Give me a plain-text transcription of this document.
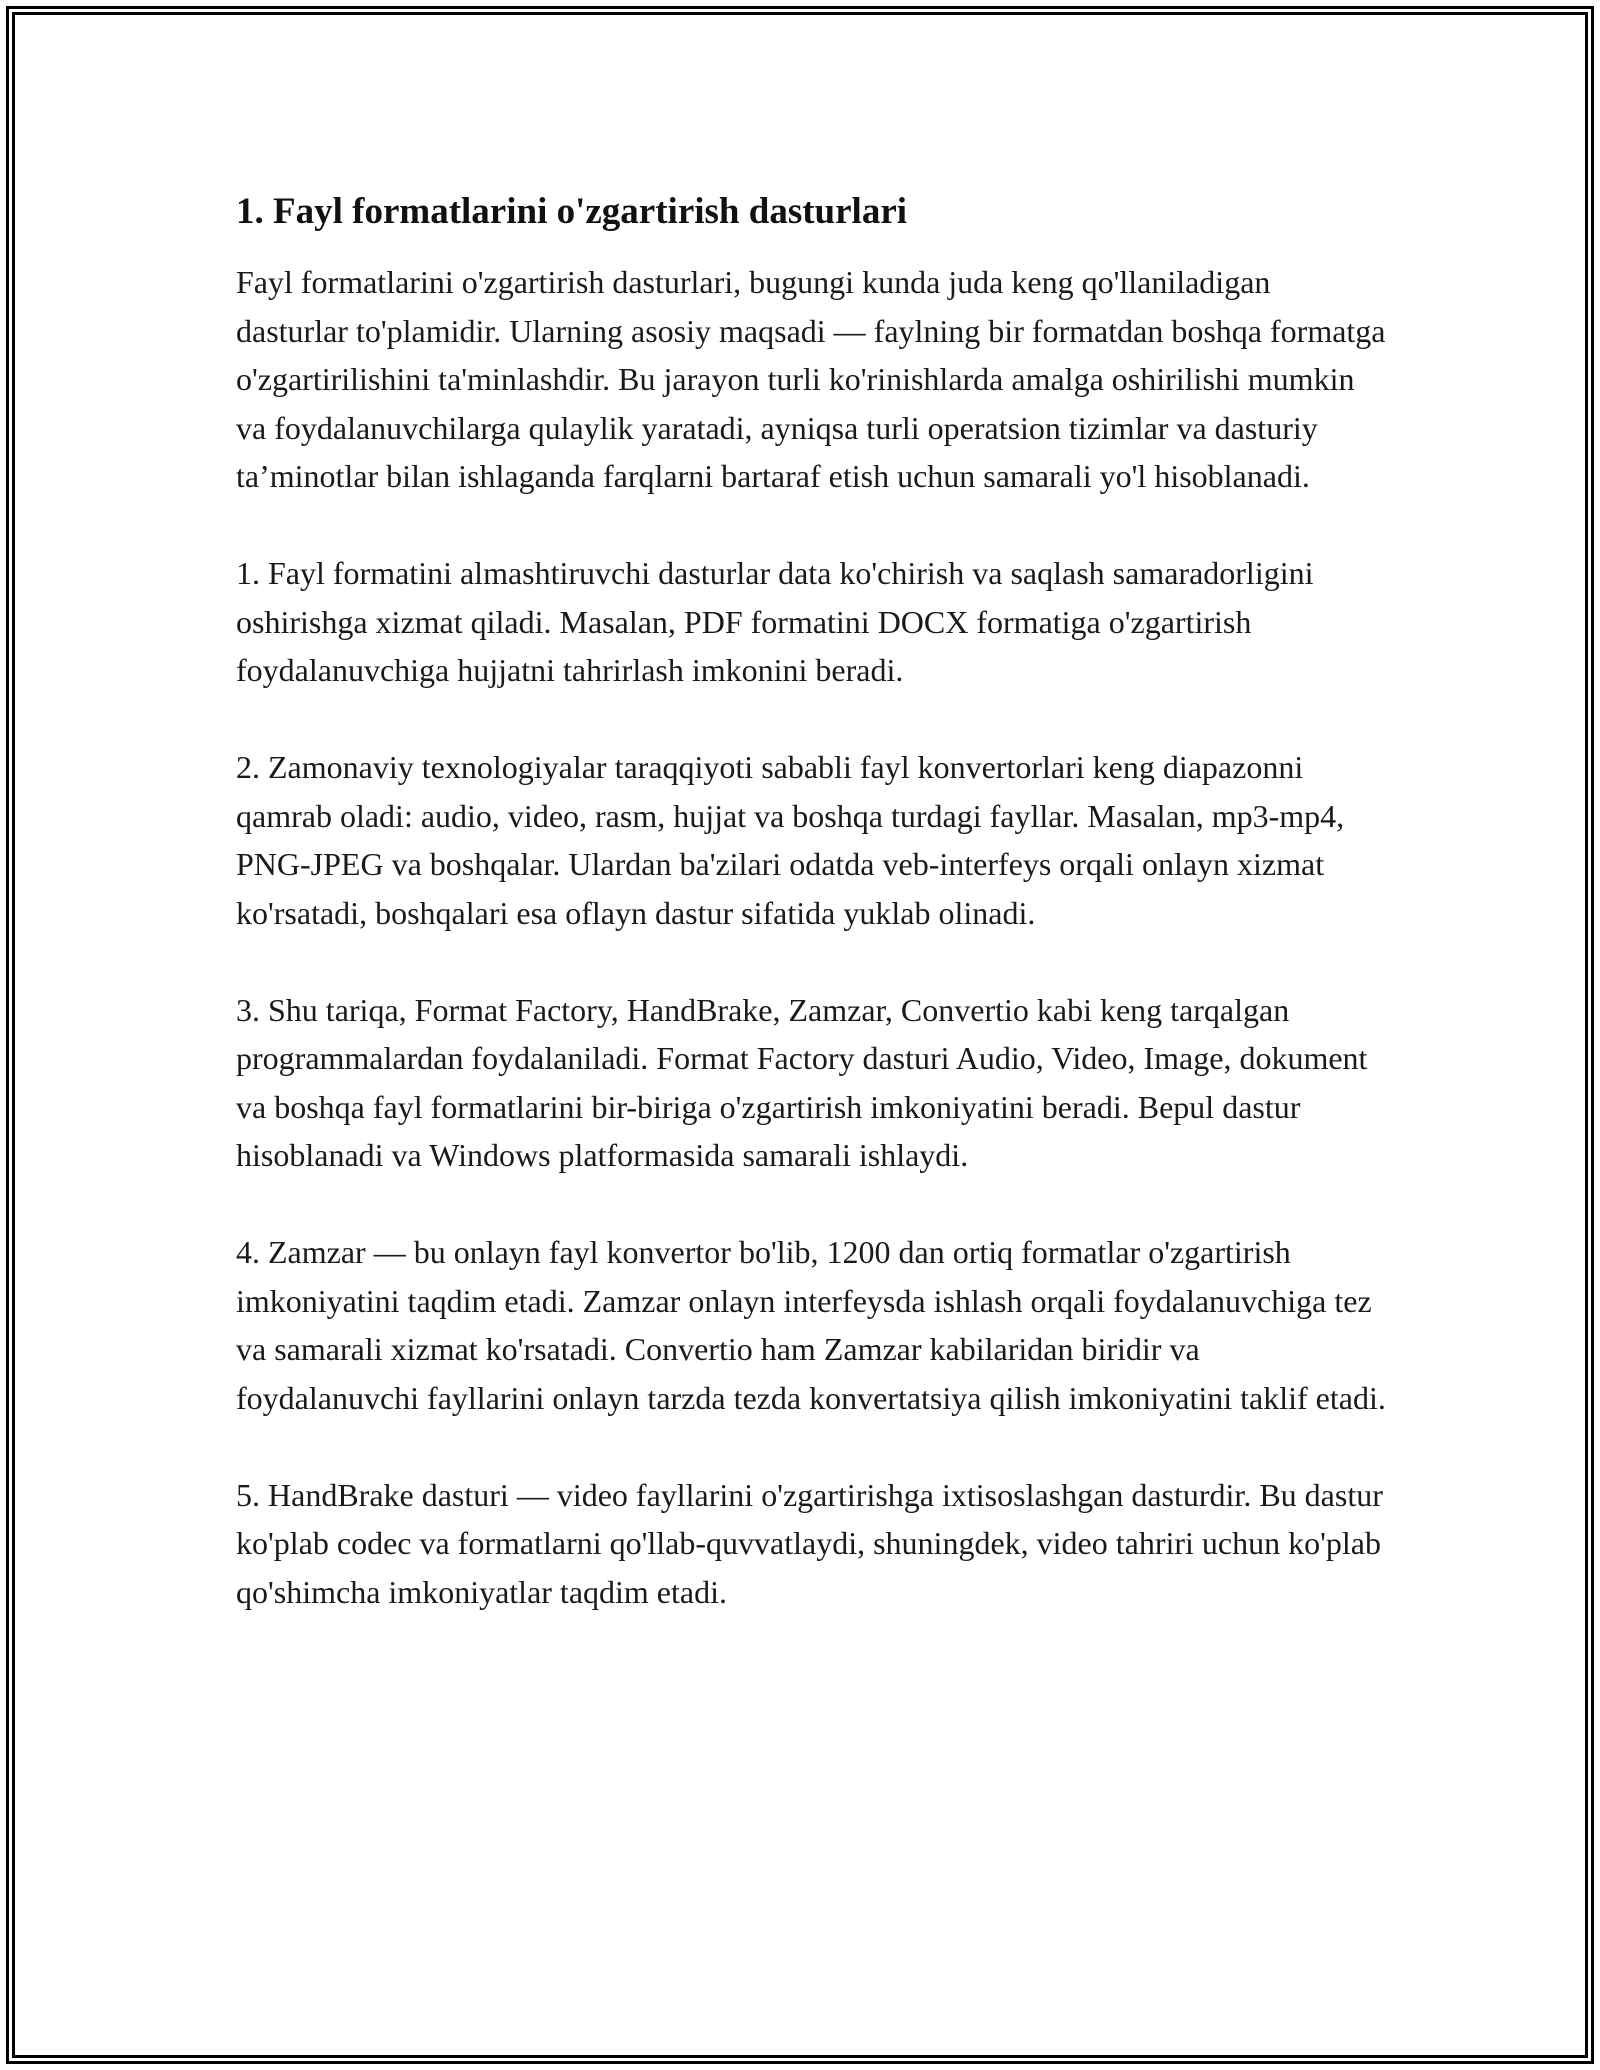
1. Fayl formatlarini o'zgartirish dasturlari

Fayl formatlarini o'zgartirish dasturlari, bugungi kunda juda keng qo'llaniladigan dasturlar to'plamidir. Ularning asosiy maqsadi — faylning bir formatdan boshqa formatga o'zgartirilishini ta'minlashdir. Bu jarayon turli ko'rinishlarda amalga oshirilishi mumkin va foydalanuvchilarga qulaylik yaratadi, ayniqsa turli operatsion tizimlar va dasturiy ta’minotlar bilan ishlaganda farqlarni bartaraf etish uchun samarali yo'l hisoblanadi.

1. Fayl formatini almashtiruvchi dasturlar data ko'chirish va saqlash samaradorligini oshirishga xizmat qiladi. Masalan, PDF formatini DOCX formatiga o'zgartirish foydalanuvchiga hujjatni tahrirlash imkonini beradi.

2. Zamonaviy texnologiyalar taraqqiyoti sababli fayl konvertorlari keng diapazonni qamrab oladi: audio, video, rasm, hujjat va boshqa turdagi fayllar. Masalan, mp3-mp4, PNG-JPEG va boshqalar. Ulardan ba'zilari odatda veb-interfeys orqali onlayn xizmat ko'rsatadi, boshqalari esa oflayn dastur sifatida yuklab olinadi.

3. Shu tariqa, Format Factory, HandBrake, Zamzar, Convertio kabi keng tarqalgan programmalardan foydalaniladi. Format Factory dasturi Audio, Video, Image, dokument va boshqa fayl formatlarini bir-biriga o'zgartirish imkoniyatini beradi. Bepul dastur hisoblanadi va Windows platformasida samarali ishlaydi.

4. Zamzar — bu onlayn fayl konvertor bo'lib, 1200 dan ortiq formatlar o'zgartirish imkoniyatini taqdim etadi. Zamzar onlayn interfeysda ishlash orqali foydalanuvchiga tez va samarali xizmat ko'rsatadi. Convertio ham Zamzar kabilaridan biridir va foydalanuvchi fayllarini onlayn tarzda tezda konvertatsiya qilish imkoniyatini taklif etadi.

5. HandBrake dasturi — video fayllarini o'zgartirishga ixtisoslashgan dasturdir. Bu dastur ko'plab codec va formatlarni qo'llab-quvvatlaydi, shuningdek, video tahriri uchun ko'plab qo'shimcha imkoniyatlar taqdim etadi.
